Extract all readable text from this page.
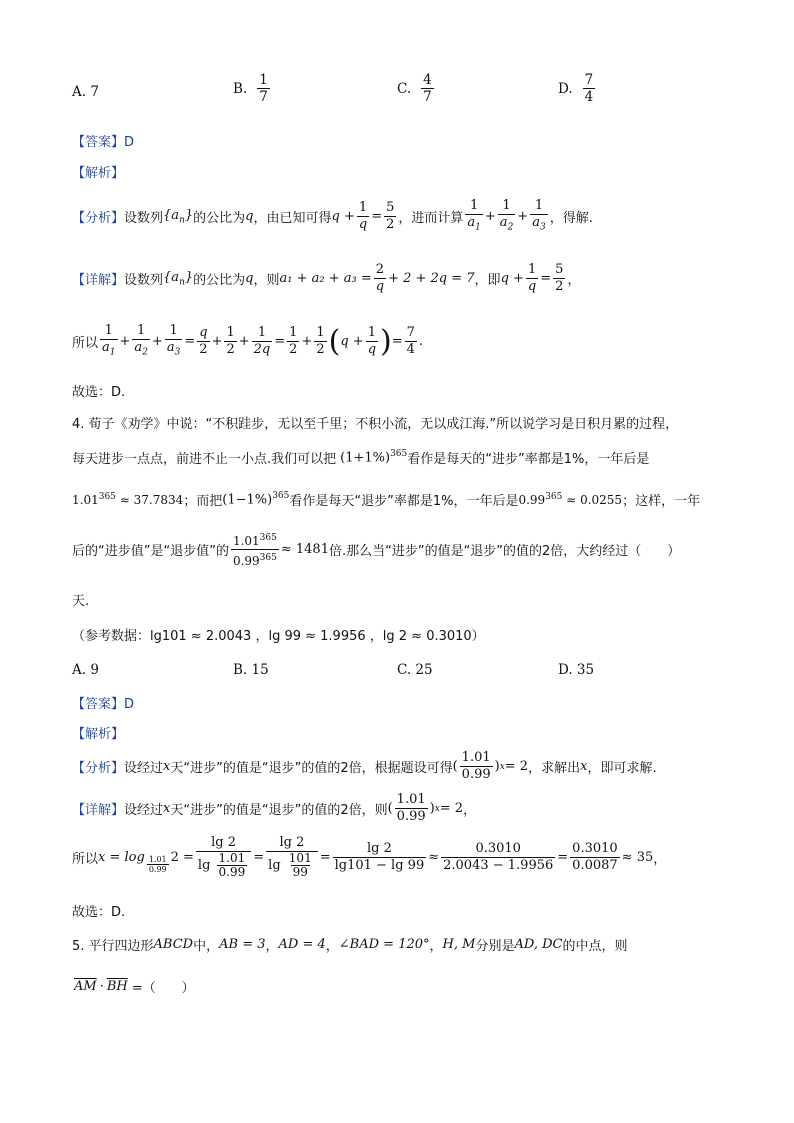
A. 7	B. $\frac{1}{7}$	C. $\frac{4}{7}$	D. $\frac{7}{4}$
【答案】D
【解析】
【分析】 设数列 $\{a_n\}$ 的公比为 q ，由已知可得 $q + \frac{1}{q} = \frac{5}{2}$ ，进而计算 $\frac{1}{a_1} + \frac{1}{a_2} + \frac{1}{a_3}$ ，得解.
【详解】 设数列 $\{a_n\}$ 的公比为 q ，则 $a_1 + a_2 + a_3 = \frac{2}{q} + 2 + 2q = 7$ ，即 $q + \frac{1}{q} = \frac{5}{2}$ ，
所以 $\frac{1}{a_1} + \frac{1}{a_2} + \frac{1}{a_3} = \frac{q}{2} + \frac{1}{2} + \frac{1}{2q} = \frac{1}{2} + \frac{1}{2}$ ( $q + \frac{1}{q}$ ) = $\frac{7}{4}$ .
故选：D.
4. 荀子《劝学》中说：“不积跬步，无以至千里；不积小流，无以成江海.”所以说学习是日积月累的过程，
每天进步一点点，前进不止一小点.我们可以把 $(1+1\%)^{365}$ 看作是每天的“进步”率都是1%，一年后是
$1.01^{365} \approx 37.7834$ ；而把 $(1-1\%)^{365}$ 看作是每天“退步”率都是1%，一年后是 $0.99^{365} \approx 0.0255$ ；这样，一年
后的“进步值”是“退步值”的 $\frac{1.01^{365}}{0.99^{365}} \approx 1481$ 倍.那么当“进步”的值是“退步”的值的2倍，大约经过（　　）
天.
（参考数据：lg101 ≈ 2.0043 ，lg 99 ≈ 1.9956 ，lg 2 ≈ 0.3010）
A. 9	B. 15	C. 25	D. 35
【答案】D
【解析】
【分析】 设经过 x 天“进步”的值是“退步”的值的2倍，根据题设可得 ( $\frac{1.01}{0.99}$ ) x = 2 ，求解出 x ，即可求解.
【详解】 设经过 x 天“进步”的值是“退步”的值的2倍，则 ( $\frac{1.01}{0.99}$ ) x = 2 ，
所以 $x = \log \frac{1.01}{0.99} 2 = \lg 2$
lg
$\frac{1.01}{0.99} = \lg 2$
lg
$\frac{101}{99} = \frac{\lg 2}{\lg 101 - \lg 99} \approx \frac{0.3010}{2.0043 - 1.9956} = \frac{0.3010}{0.0087} \approx 35$ ，
故选：D.
5. 平行四边形 ABCD 中， AB = 3 ， AD = 4 ， ∠BAD = 120° ， H, M 分别是 AD, DC 的中点，则
$\overline{AM} \cdot \overline{BH}$ =（　　）
